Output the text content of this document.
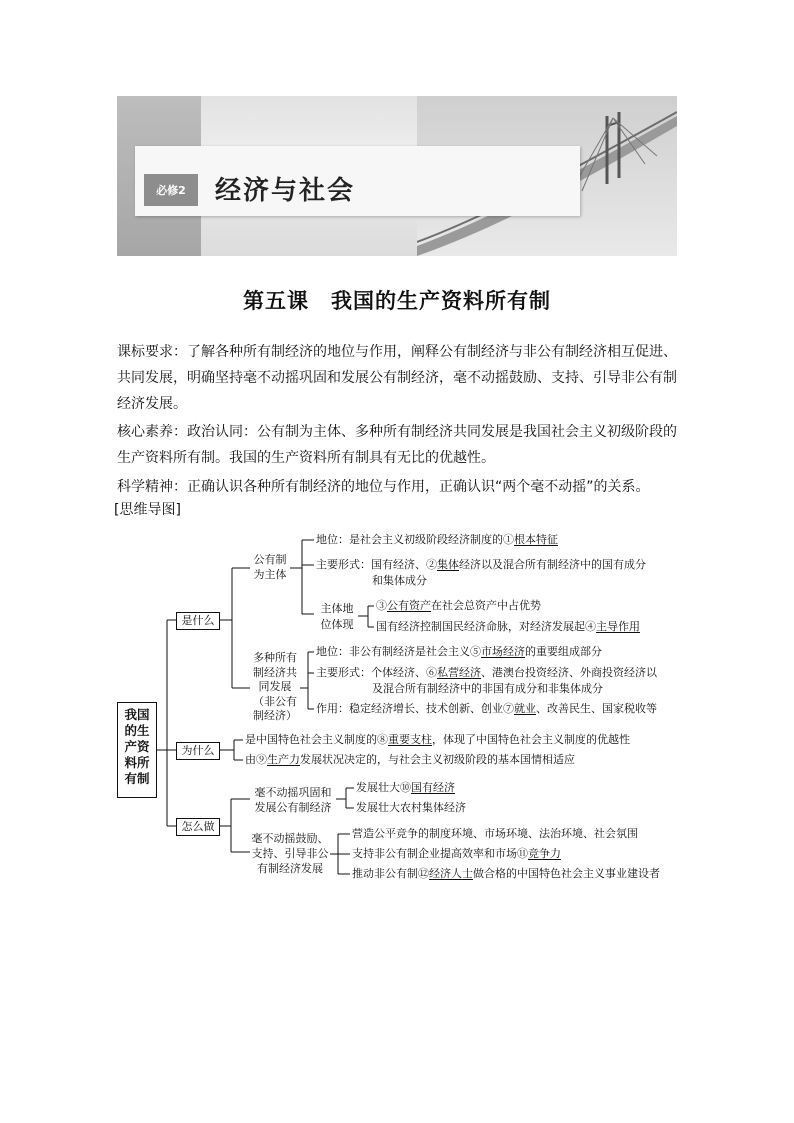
必修2	经济与社会
第五课　我国的生产资料所有制
课标要求：了解各种所有制经济的地位与作用，阐释公有制经济与非公有制经济相互促进、共同发展，明确坚持毫不动摇巩固和发展公有制经济，毫不动摇鼓励、支持、引导非公有制经济发展。
核心素养：政治认同：公有制为主体、多种所有制经济共同发展是我国社会主义初级阶段的生产资料所有制。我国的生产资料所有制具有无比的优越性。
科学精神：正确认识各种所有制经济的地位与作用，正确认识“两个毫不动摇”的关系。
[思维导图]
我国的生产资料所有制
是什么
为什么
怎么做
公有制为主体
地位：是社会主义初级阶段经济制度的①根本特征
主要形式：国有经济、②集体经济以及混合所有制经济中的国有成分
和集体成分
主体地位体现
③公有资产在社会总资产中占优势
国有经济控制国民经济命脉，对经济发展起④主导作用
多种所有制经济共同发展（非公有制经济）
地位：非公有制经济是社会主义⑤市场经济的重要组成部分
主要形式：个体经济、⑥私营经济、港澳台投资经济、外商投资经济以
及混合所有制经济中的非国有成分和非集体成分
作用：稳定经济增长、技术创新、创业⑦就业、改善民生、国家税收等
是中国特色社会主义制度的⑧重要支柱，体现了中国特色社会主义制度的优越性
由⑨生产力发展状况决定的，与社会主义初级阶段的基本国情相适应
毫不动摇巩固和发展公有制经济
发展壮大⑩国有经济
发展壮大农村集体经济
毫不动摇鼓励、支持、引导非公有制经济发展
营造公平竞争的制度环境、市场环境、法治环境、社会氛围
支持非公有制企业提高效率和市场⑪竞争力
推动非公有制⑫经济人士做合格的中国特色社会主义事业建设者
